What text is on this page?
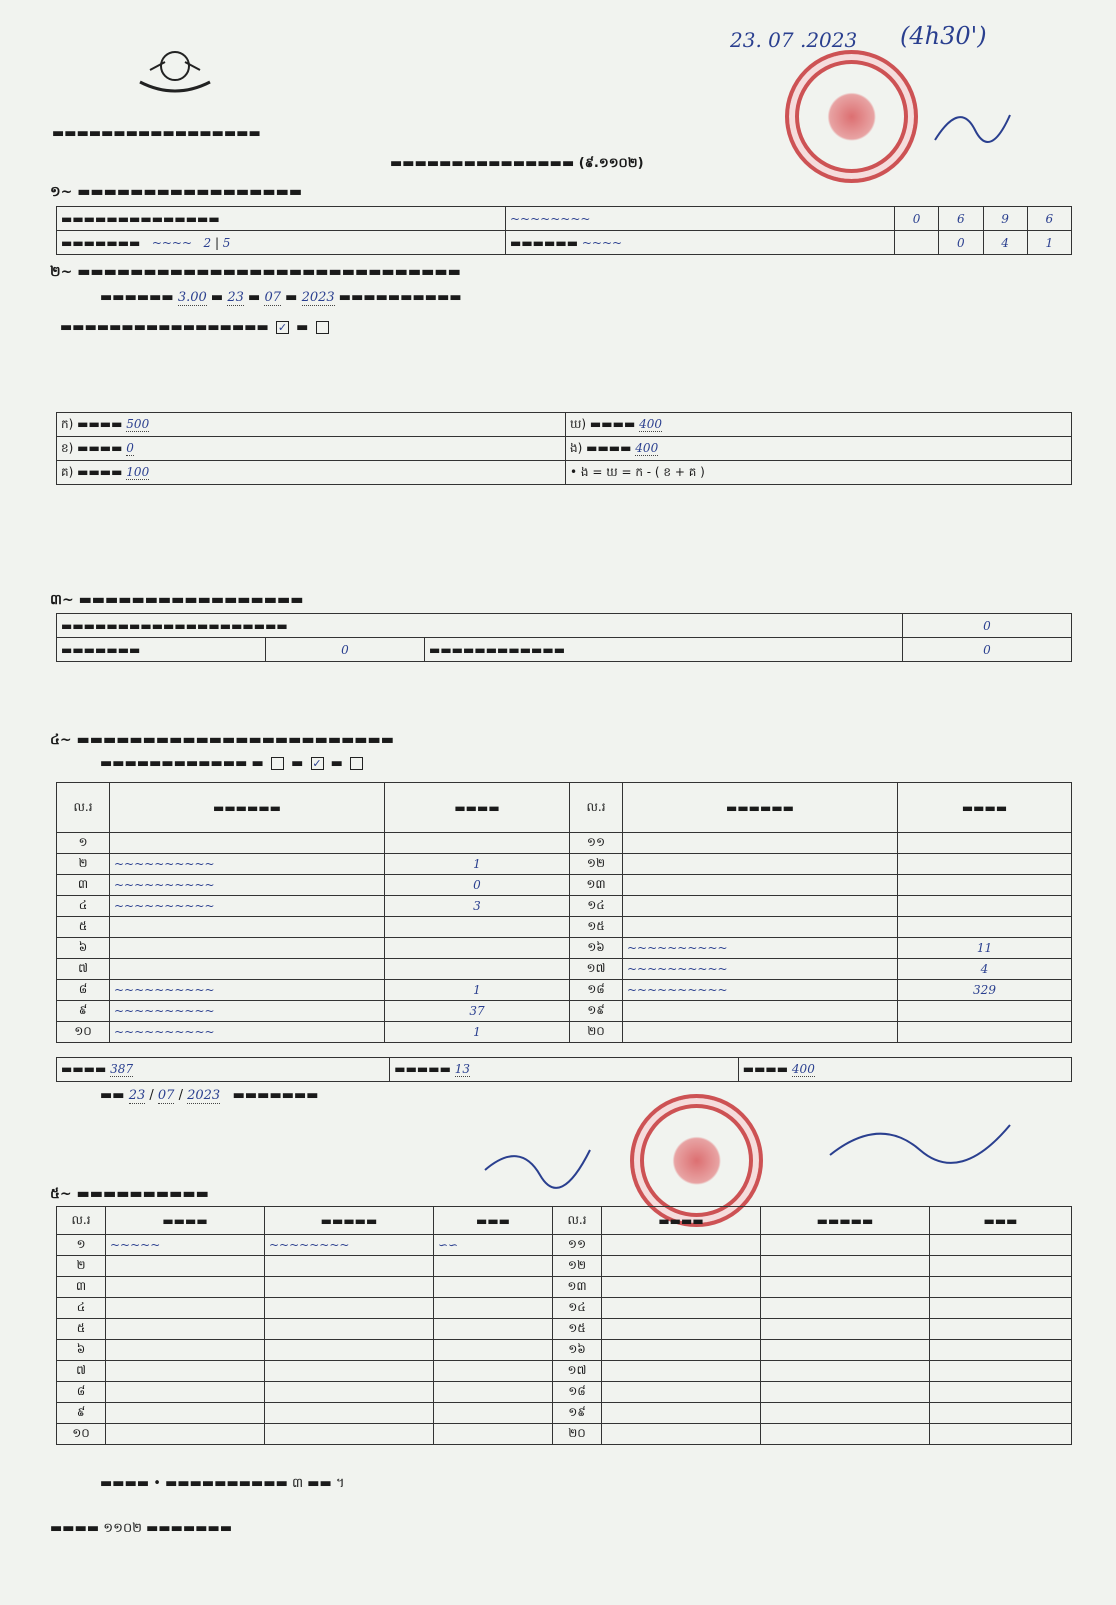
▬▬▬▬▬▬▬▬▬▬▬▬▬▬▬▬▬
▬▬▬▬▬▬▬▬▬▬▬▬▬▬▬ (៩.១១០២)
23. 07 .2023 (4h30')
១~ ▬▬▬▬▬▬▬▬▬▬▬▬▬▬▬▬▬
▬▬▬▬▬▬▬▬▬▬▬▬▬▬	~~~~~~~~	0	6	9	6
▬▬▬▬▬▬▬   ~~~~ 2 | 5	▬▬▬▬▬▬ ~~~~		0	4	1
២~ ▬▬▬▬▬▬▬▬▬▬▬▬▬▬▬▬▬▬▬▬▬▬▬▬▬▬▬▬▬
▬▬▬▬▬▬ 3.00 ▬ 23 ▬ 07 ▬ 2023 ▬▬▬▬▬▬▬▬▬▬
▬▬▬▬▬▬▬▬▬▬▬▬▬▬▬▬▬ ✓ ▬
ក) ▬▬▬▬ 500	ឃ) ▬▬▬▬ 400
ខ) ▬▬▬▬ 0	ង) ▬▬▬▬ 400
គ) ▬▬▬▬ 100	• ង = ឃ = ក - ( ខ + គ )
៣~ ▬▬▬▬▬▬▬▬▬▬▬▬▬▬▬▬▬
▬▬▬▬▬▬▬▬▬▬▬▬▬▬▬▬▬▬▬▬			0
▬▬▬▬▬▬▬	0	▬▬▬▬▬▬▬▬▬▬▬▬	0
៤~ ▬▬▬▬▬▬▬▬▬▬▬▬▬▬▬▬▬▬▬▬▬▬▬▬
▬▬▬▬▬▬▬▬▬▬▬▬ ▬  ▬ ✓ ▬
ល.រ	▬▬▬▬▬▬	▬▬▬▬	ល.រ	▬▬▬▬▬▬	▬▬▬▬
១			១១		
២	~~~~~~~~~~	1	១២		
៣	~~~~~~~~~~	0	១៣		
៤	~~~~~~~~~~	3	១៤		
៥			១៥		
៦			១៦	~~~~~~~~~~	11
៧			១៧	~~~~~~~~~~	4
៨	~~~~~~~~~~	1	១៨	~~~~~~~~~~	329
៩	~~~~~~~~~~	37	១៩		
១០	~~~~~~~~~~	1	២០		
▬▬▬▬ 387	▬▬▬▬▬ 13	▬▬▬▬ 400
▬▬ 23 / 07 / 2023   ▬▬▬▬▬▬▬
៥~ ▬▬▬▬▬▬▬▬▬▬
ល.រ	▬▬▬▬	▬▬▬▬▬	▬▬▬	ល.រ	▬▬▬▬	▬▬▬▬▬	▬▬▬
១	~~~~~	~~~~~~~~	∽∽	១១			
២				១២			
៣				១៣			
៤				១៤			
៥				១៥			
៦				១៦			
៧				១៧			
៨				១៨			
៩				១៩			
១០				២០			
▬▬▬▬ • ▬▬▬▬▬▬▬▬▬▬ ៣ ▬▬ ។
▬▬▬▬ ១១០២ ▬▬▬▬▬▬▬
